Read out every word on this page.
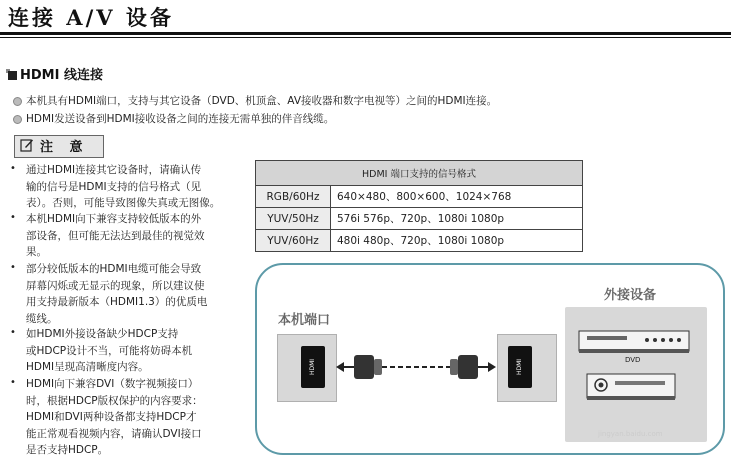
连接 A/V 设备
HDMI 线连接
本机具有HDMI端口，支持与其它设备（DVD、机顶盒、AV接收器和数字电视等）之间的HDMI连接。
HDMI发送设备到HDMI接收设备之间的连接无需单独的伴音线缆。
注 意
• 通过HDMI连接其它设备时，请确认传
输的信号是HDMI支持的信号格式（见
表）。否则，可能导致图像失真或无图像。
• 本机HDMI向下兼容支持较低版本的外
部设备，但可能无法达到最佳的视觉效
果。
• 部分较低版本的HDMI电缆可能会导致
屏幕闪烁或无显示的现象，所以建议使
用支持最新版本（HDMI1.3）的优质电
缆线。
• 如HDMI外接设备缺少HDCP支持
或HDCP设计不当，可能将妨碍本机
HDMI呈现高清晰度内容。
• HDMI向下兼容DVI（数字视频接口）
时，根据HDCP版权保护的内容要求：
HDMI和DVI两种设备都支持HDCP才
能正常观看视频内容，请确认DVI接口
是否支持HDCP。
HDMI 端口支持的信号格式	
RGB/60Hz	640×480、800×600、1024×768
YUV/50Hz	576i 576p、720p、1080i 1080p
YUV/60Hz	480i 480p、720p、1080i 1080p
本机端口
外接设备
HDMI	HDMI	DVD
Bai 经验
jingyan.baidu.com
